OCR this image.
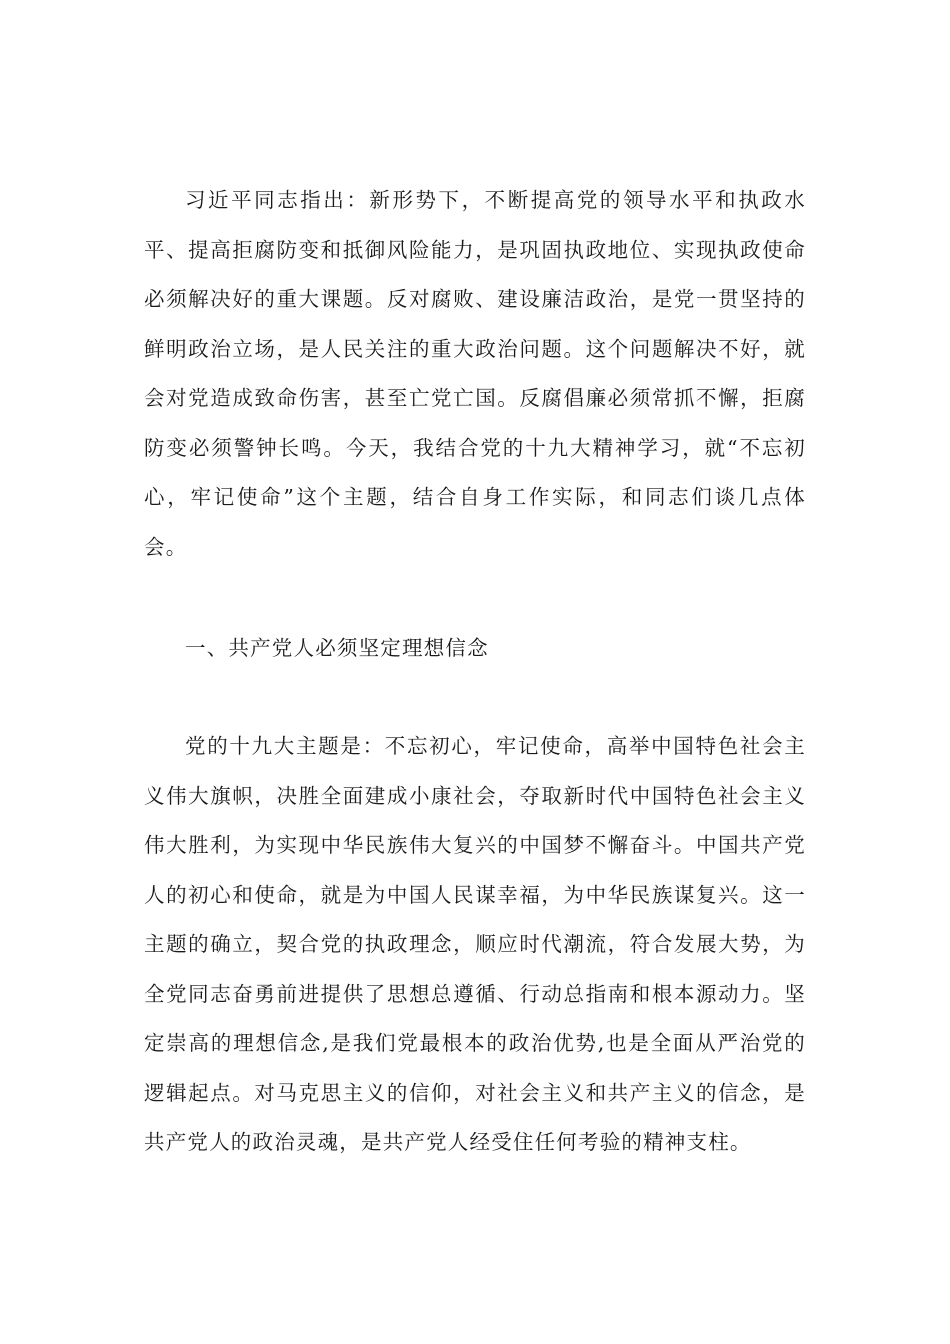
习近平同志指出：新形势下，不断提高党的领导水平和执政水平、提高拒腐防变和抵御风险能力，是巩固执政地位、实现执政使命必须解决好的重大课题。反对腐败、建设廉洁政治，是党一贯坚持的鲜明政治立场，是人民关注的重大政治问题。这个问题解决不好，就会对党造成致命伤害，甚至亡党亡国。反腐倡廉必须常抓不懈，拒腐防变必须警钟长鸣。今天，我结合党的十九大精神学习，就“不忘初心，牢记使命”这个主题，结合自身工作实际，和同志们谈几点体会。

一、共产党人必须坚定理想信念

党的十九大主题是：不忘初心，牢记使命，高举中国特色社会主义伟大旗帜，决胜全面建成小康社会，夺取新时代中国特色社会主义伟大胜利，为实现中华民族伟大复兴的中国梦不懈奋斗。中国共产党人的初心和使命，就是为中国人民谋幸福，为中华民族谋复兴。这一主题的确立，契合党的执政理念，顺应时代潮流，符合发展大势，为全党同志奋勇前进提供了思想总遵循、行动总指南和根本源动力。坚定崇高的理想信念,是我们党最根本的政治优势,也是全面从严治党的逻辑起点。对马克思主义的信仰，对社会主义和共产主义的信念，是共产党人的政治灵魂，是共产党人经受住任何考验的精神支柱。
